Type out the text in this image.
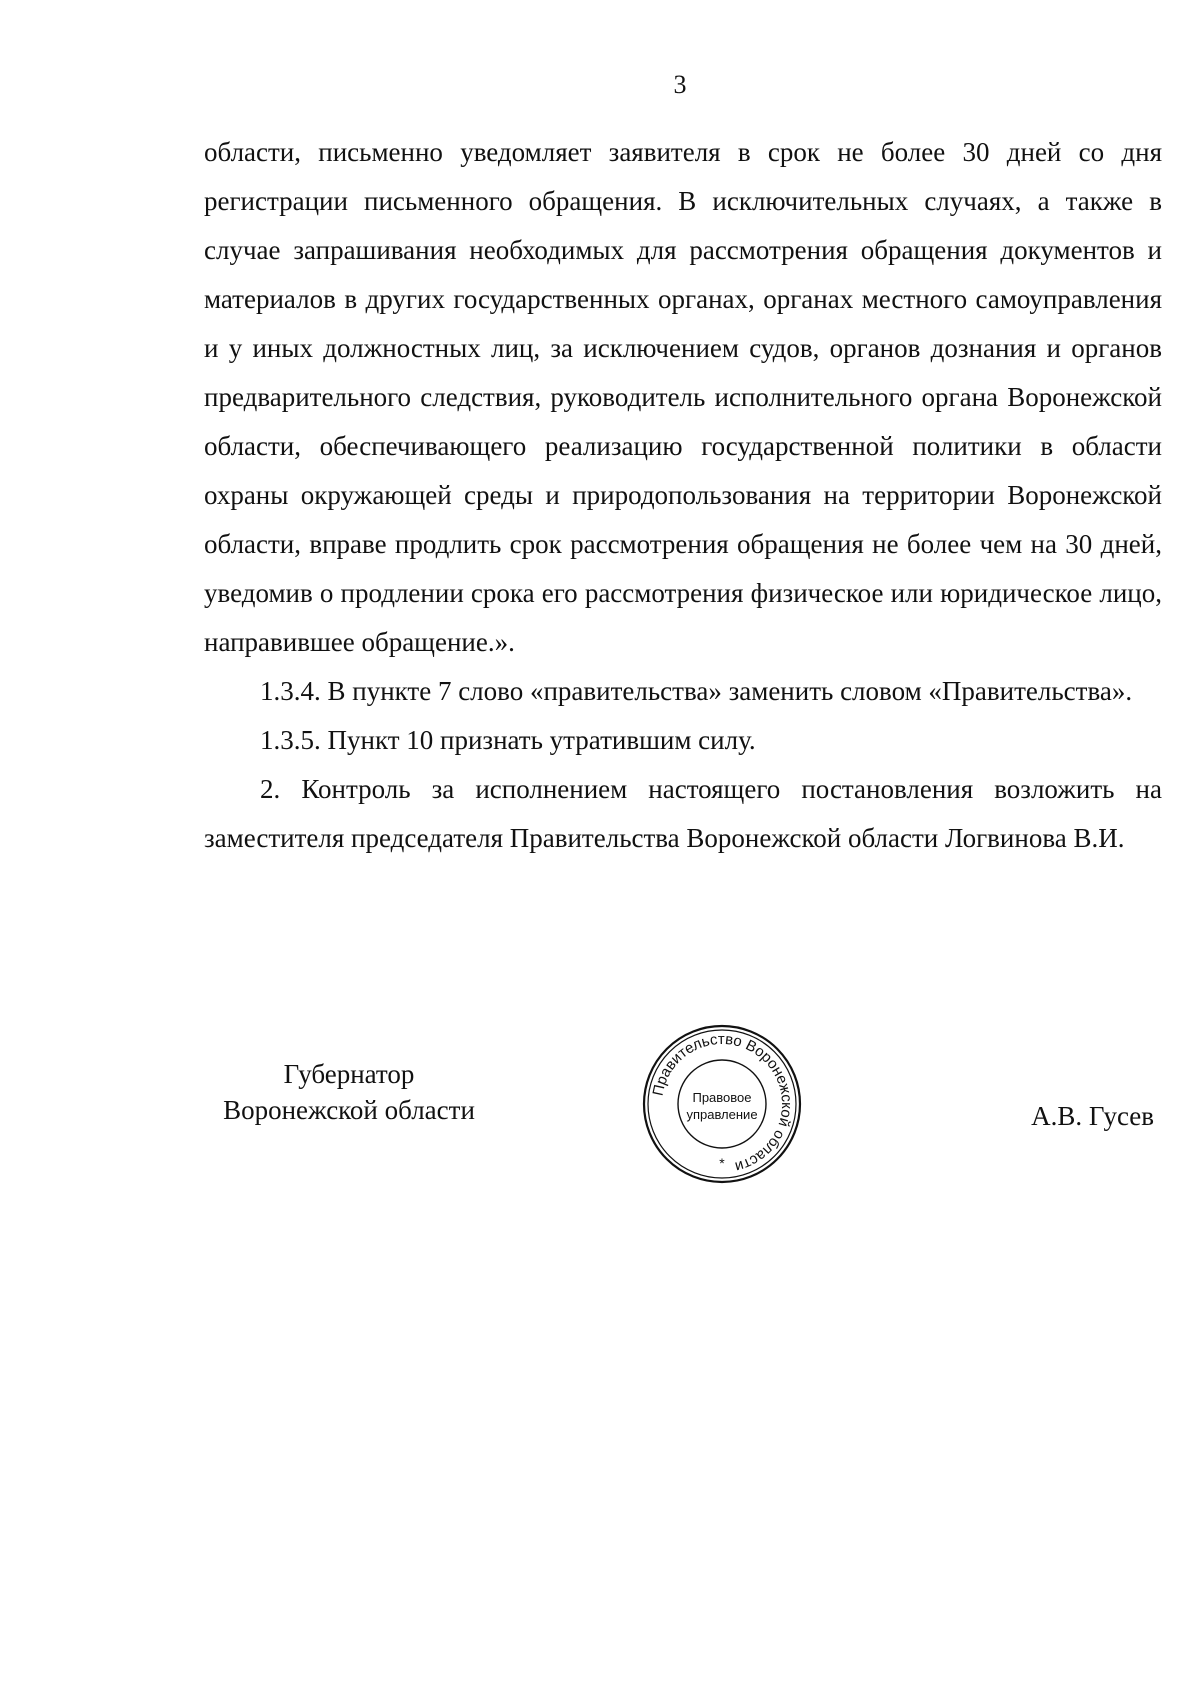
3

области, письменно уведомляет заявителя в срок не более 30 дней со дня регистрации письменного обращения. В исключительных случаях, а также в случае запрашивания необходимых для рассмотрения обращения документов и материалов в других государственных органах, органах местного самоуправления и у иных должностных лиц, за исключением судов, органов дознания и органов предварительного следствия, руководитель исполнительного органа Воронежской области, обеспечивающего реализацию государственной политики в области охраны окружающей среды и природопользования на территории Воронежской области, вправе продлить срок рассмотрения обращения не более чем на 30 дней, уведомив о продлении срока его рассмотрения физическое или юридическое лицо, направившее обращение.».

1.3.4. В пункте 7 слово «правительства» заменить словом «Правительства».

1.3.5. Пункт 10 признать утратившим силу.

2. Контроль за исполнением настоящего постановления возложить на заместителя председателя Правительства Воронежской области Логвинова В.И.

Губернатор
Воронежской области	А.В. Гусев
Правительство Воронежской области
Правовое
управление
*
